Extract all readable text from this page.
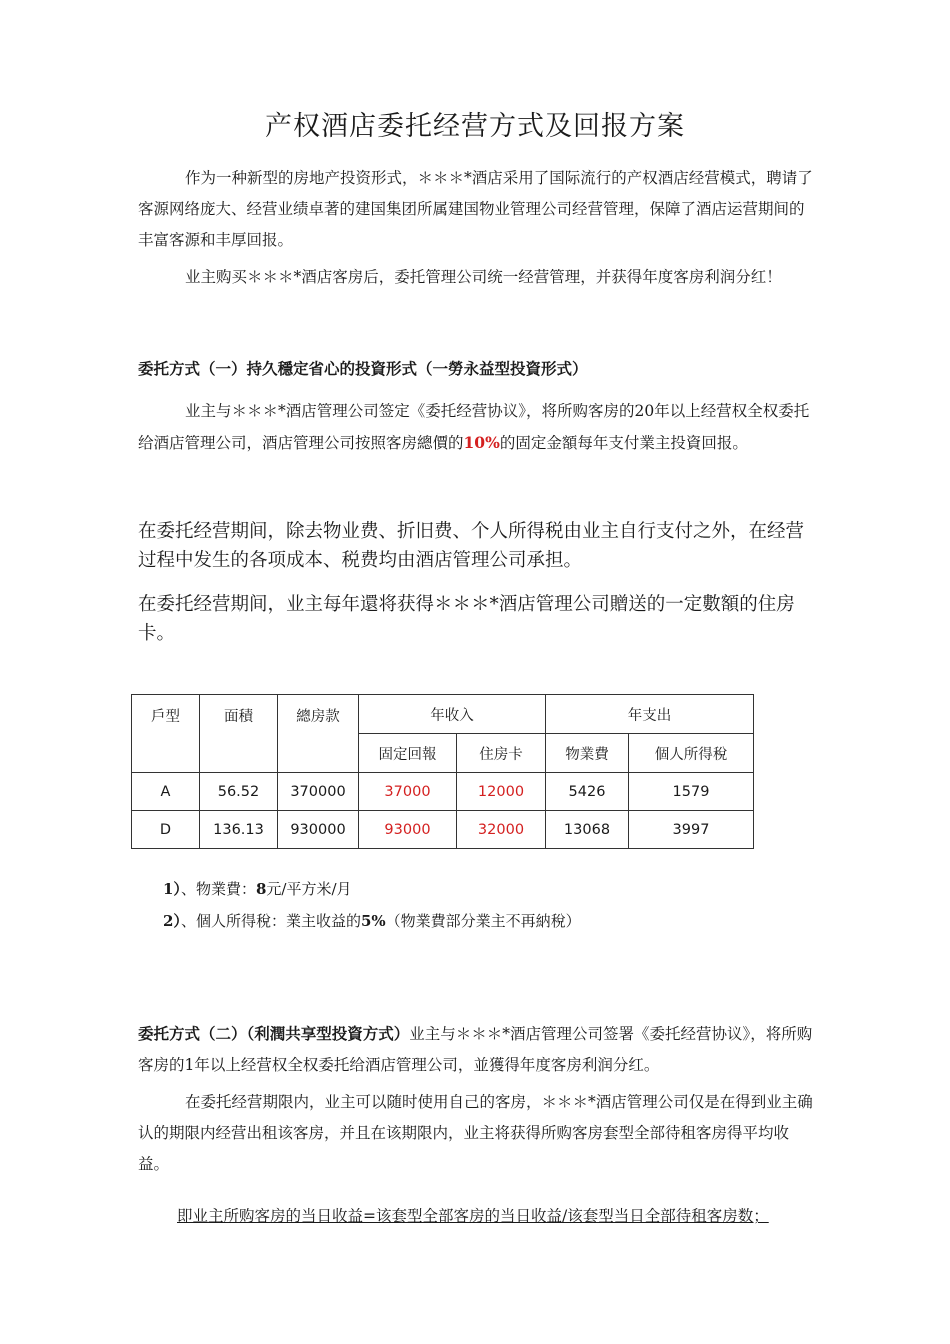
产权酒店委托经营方式及回报方案
作为一种新型的房地产投资形式，＊＊＊*酒店采用了国际流行的产权酒店经营模式，聘请了客源网络庞大、经营业绩卓著的建国集团所属建国物业管理公司经营管理，保障了酒店运营期间的丰富客源和丰厚回报。
业主购买＊＊＊*酒店客房后，委托管理公司统一经营管理，并获得年度客房利润分红！
委托方式（一）持久穩定省心的投資形式（一勞永益型投資形式）
业主与＊＊＊*酒店管理公司签定《委托经营协议》，将所购客房的20年以上经营权全权委托给酒店管理公司，酒店管理公司按照客房總價的10%的固定金額每年支付業主投資回报。
在委托经营期间，除去物业费、折旧费、个人所得税由业主自行支付之外，在经营过程中发生的各项成本、税费均由酒店管理公司承担。
在委托经营期间，业主每年還将获得＊＊＊*酒店管理公司贈送的一定數額的住房卡。
戶型	面積	總房款	年收入		年支出	
			固定回報	住房卡	物業費	個人所得稅
A	56.52	370000	37000	12000	5426	1579
D	136.13	930000	93000	32000	13068	3997
1）、物業費：8元/平方米/月
2）、個人所得稅：業主收益的5%（物業費部分業主不再納稅）
委托方式（二）（利潤共享型投資方式）业主与＊＊＊*酒店管理公司签署《委托经营协议》，将所购客房的1年以上经营权全权委托给酒店管理公司，並獲得年度客房利润分红。
在委托经营期限内，业主可以随时使用自己的客房，＊＊＊*酒店管理公司仅是在得到业主确认的期限内经营出租该客房，并且在该期限内，业主将获得所购客房套型全部待租客房得平均收益。
即业主所购客房的当日收益=该套型全部客房的当日收益/该套型当日全部待租客房数；
